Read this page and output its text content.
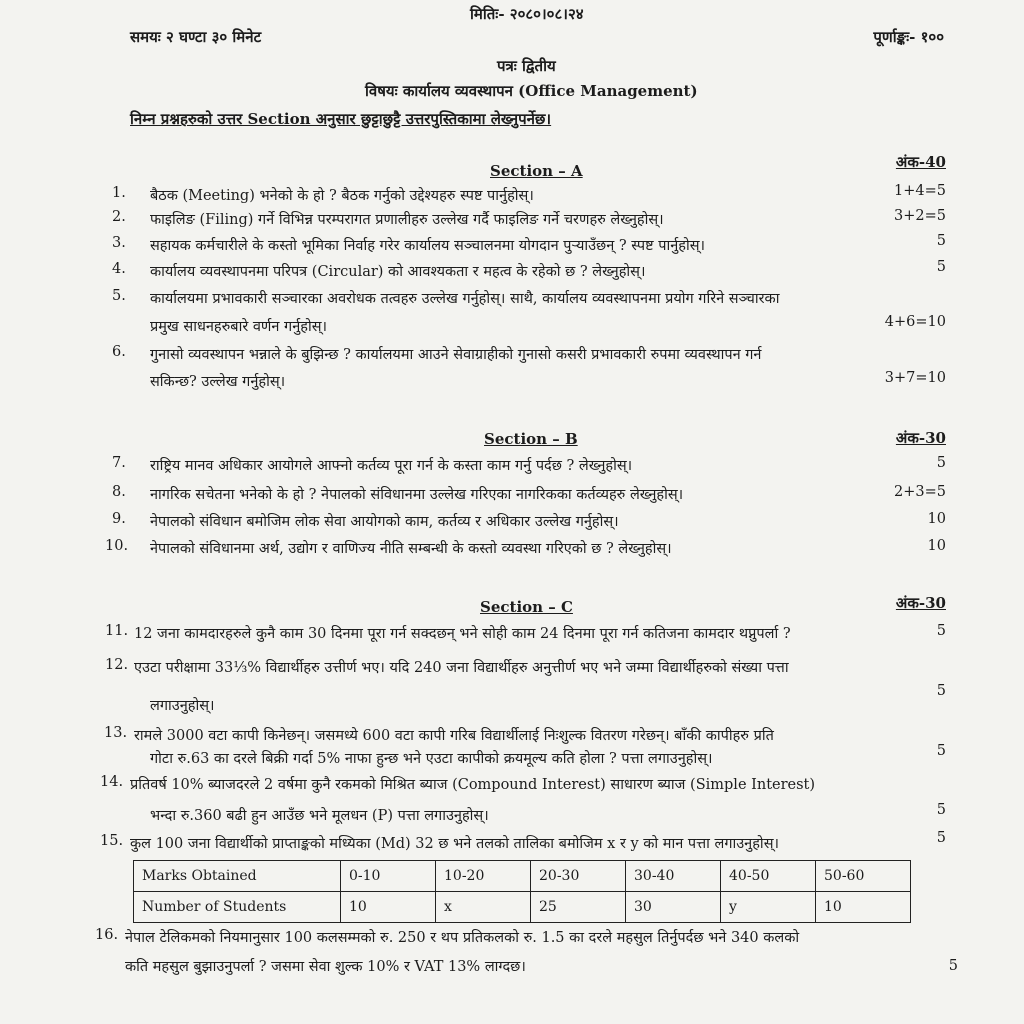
मितिः- २०८०।०८।२४
समयः २ घण्टा ३० मिनेट	पूर्णाङ्कः- १००
पत्रः द्वितीय
विषयः कार्यालय व्यवस्थापन (Office Management)
निम्न प्रश्नहरुको उत्तर Section अनुसार छुट्टाछुट्टै उत्तरपुस्तिकामा लेख्नुपर्नेछ।
Section – A	अंक-40
1. बैठक (Meeting) भनेको के हो ? बैठक गर्नुको उद्देश्यहरु स्पष्ट पार्नुहोस्।	1+4=5
2. फाइलिङ (Filing) गर्ने विभिन्न परम्परागत प्रणालीहरु उल्लेख गर्दै फाइलिङ गर्ने चरणहरु लेख्नुहोस्।	3+2=5
3. सहायक कर्मचारीले के कस्तो भूमिका निर्वाह गरेर कार्यालय सञ्चालनमा योगदान पुऱ्याउँछन् ? स्पष्ट पार्नुहोस्।	5
4. कार्यालय व्यवस्थापनमा परिपत्र (Circular) को आवश्यकता र महत्व के रहेको छ ? लेख्नुहोस्।	5
5. कार्यालयमा प्रभावकारी सञ्चारका अवरोधक तत्वहरु उल्लेख गर्नुहोस्। साथै, कार्यालय व्यवस्थापनमा प्रयोग गरिने सञ्चारका
प्रमुख साधनहरुबारे वर्णन गर्नुहोस्।	4+6=10
6. गुनासो व्यवस्थापन भन्नाले के बुझिन्छ ? कार्यालयमा आउने सेवाग्राहीको गुनासो कसरी प्रभावकारी रुपमा व्यवस्थापन गर्न
सकिन्छ? उल्लेख गर्नुहोस्।	3+7=10
Section – B	अंक-30
7. राष्ट्रिय मानव अधिकार आयोगले आफ्नो कर्तव्य पूरा गर्न के कस्ता काम गर्नु पर्दछ ? लेख्नुहोस्।	5
8. नागरिक सचेतना भनेको के हो ? नेपालको संविधानमा उल्लेख गरिएका नागरिकका कर्तव्यहरु लेख्नुहोस्।	2+3=5
9. नेपालको संविधान बमोजिम लोक सेवा आयोगको काम, कर्तव्य र अधिकार उल्लेख गर्नुहोस्।	10
10. नेपालको संविधानमा अर्थ, उद्योग र वाणिज्य नीति सम्बन्धी के कस्तो व्यवस्था गरिएको छ ? लेख्नुहोस्।	10
Section – C	अंक-30
11. 12 जना कामदारहरुले कुनै काम 30 दिनमा पूरा गर्न सक्दछन् भने सोही काम 24 दिनमा पूरा गर्न कतिजना कामदार थप्नुपर्ला ?	5
12. एउटा परीक्षामा 33⅓% विद्यार्थीहरु उत्तीर्ण भए। यदि 240 जना विद्यार्थीहरु अनुत्तीर्ण भए भने जम्मा विद्यार्थीहरुको संख्या पत्ता
लगाउनुहोस्।
5
13. रामले 3000 वटा कापी किनेछन्। जसमध्ये 600 वटा कापी गरिब विद्यार्थीलाई निःशुल्क वितरण गरेछन्। बाँकी कापीहरु प्रति
गोटा रु.63 का दरले बिक्री गर्दा 5% नाफा हुन्छ भने एउटा कापीको क्रयमूल्य कति होला ? पत्ता लगाउनुहोस्।	5
14. प्रतिवर्ष 10% ब्याजदरले 2 वर्षमा कुनै रकमको मिश्रित ब्याज (Compound Interest) साधारण ब्याज (Simple Interest)
भन्दा रु.360 बढी हुन आउँछ भने मूलधन (P) पत्ता लगाउनुहोस्।	5
15. कुल 100 जना विद्यार्थीको प्राप्ताङ्कको मध्यिका (Md) 32 छ भने तलको तालिका बमोजिम x र y को मान पत्ता लगाउनुहोस्।	5
Marks Obtained	0-10	10-20	20-30	30-40	40-50	50-60
Number of Students	10	x	25	30	y	10
16. नेपाल टेलिकमको नियमानुसार 100 कलसम्मको रु. 250 र थप प्रतिकलको रु. 1.5 का दरले महसुल तिर्नुपर्दछ भने 340 कलको
कति महसुल बुझाउनुपर्ला ? जसमा सेवा शुल्क 10% र VAT 13% लाग्दछ।	5
